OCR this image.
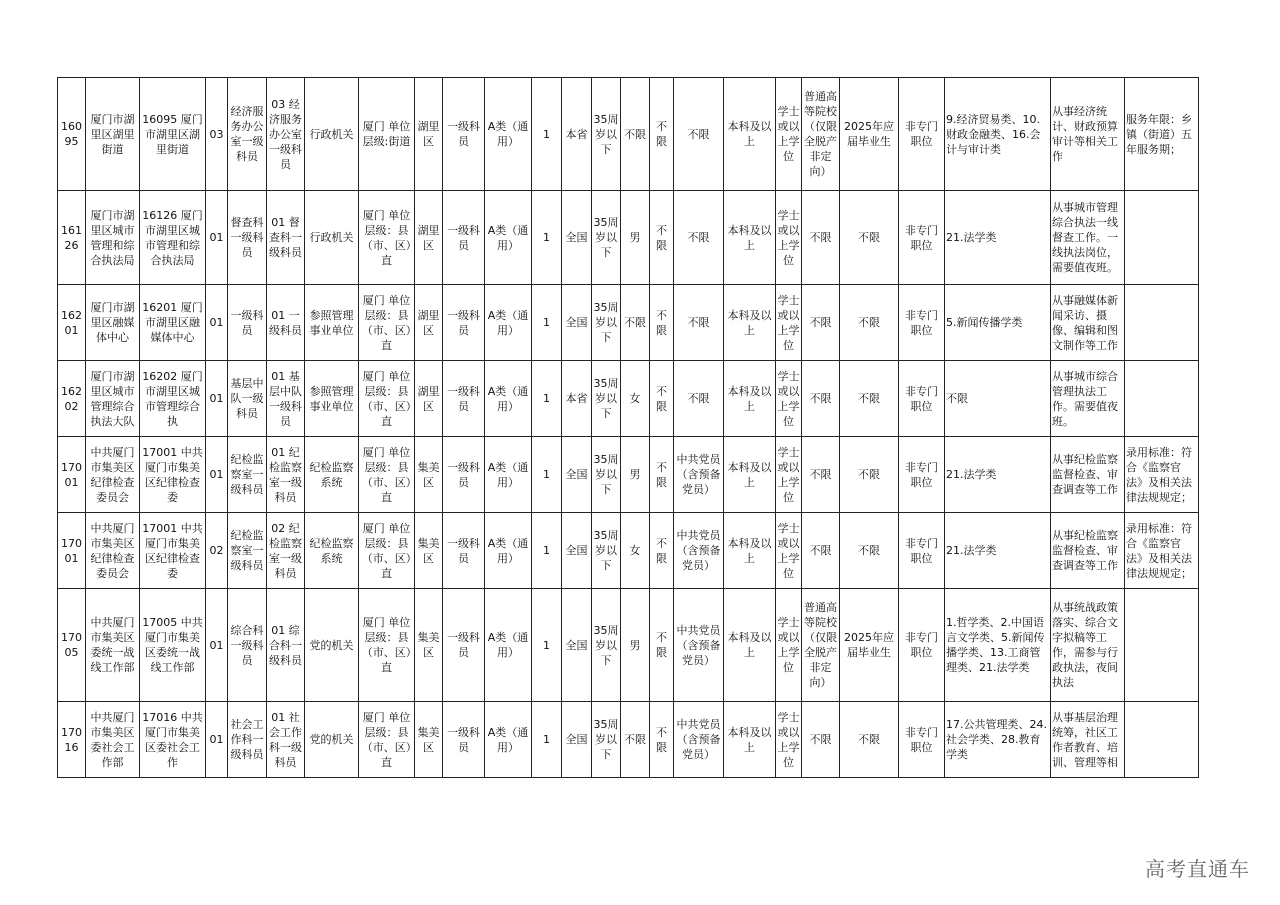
1609​5	厦门市湖里区湖里街道	16095 厦门市湖里区湖里街道	03	经济服务办公室一级科员	03 经济服务办公室一级科员	行政机关	厦门 单位层级:街道	湖里区	一级科员	A类（通用）	1	本省	35周岁以下	不限	不限	不限	本科及以上	学士或以上学位	普通高等院校（仅限全脱产非定向）	2025年应届毕业生	非专门职位	9.经济贸易类、10.财政金融类、16.会计与审计类	从事经济统计、财政预算审计等相关工作	服务年限：乡镇（街道）五年服务期；

1612​6	厦门市湖里区城市管理和综合执法局	16126 厦门市湖里区城市管理和综合执法局	01	督查科一级科员	01 督查科一级科员	行政机关	厦门 单位层级：县（市、区）直	湖里区	一级科员	A类（通用）	1	全国	35周岁以下	男	不限	不限	本科及以上	学士或以上学位	不限	不限	非专门职位	21.法学类	从事城市管理综合执法一线督查工作。一线执法岗位，需要值夜班。	

1620​1	厦门市湖里区融媒体中心	16201 厦门市湖里区融媒体中心	01	一级科员	01 一级科员	参照管理事业单位	厦门 单位层级：县（市、区）直	湖里区	一级科员	A类（通用）	1	全国	35周岁以下	不限	不限	不限	本科及以上	学士或以上学位	不限	不限	非专门职位	5.新闻传播学类	从事融媒体新闻采访、摄像、编辑和图文制作等工作	

1620​2	厦门市湖里区城市管理综合执法大队	16202 厦门市湖里区城市管理综合执	01	基层中队一级科员	01 基层中队一级科员	参照管理事业单位	厦门 单位层级：县（市、区）直	湖里区	一级科员	A类（通用）	1	本省	35周岁以下	女	不限	不限	本科及以上	学士或以上学位	不限	不限	非专门职位	不限	从事城市综合管理执法工作。需要值夜班。	

1700​1	中共厦门市集美区纪律检查委员会	17001 中共厦门市集美区纪律检查委	01	纪检监察室一级科员	01 纪检监察室一级科员	纪检监察系统	厦门 单位层级：县（市、区）直	集美区	一级科员	A类（通用）	1	全国	35周岁以下	男	不限	中共党员（含预备党员）	本科及以上	学士或以上学位	不限	不限	非专门职位	21.法学类	从事纪检监察监督检查、审查调查等工作	录用标准：符合《监察官法》及相关法律法规规定；

1700​1	中共厦门市集美区纪律检查委员会	17001 中共厦门市集美区纪律检查委	02	纪检监察室一级科员	02 纪检监察室一级科员	纪检监察系统	厦门 单位层级：县（市、区）直	集美区	一级科员	A类（通用）	1	全国	35周岁以下	女	不限	中共党员（含预备党员）	本科及以上	学士或以上学位	不限	不限	非专门职位	21.法学类	从事纪检监察监督检查、审查调查等工作	录用标准：符合《监察官法》及相关法律法规规定；

1700​5	中共厦门市集美区委统一战线工作部	17005 中共厦门市集美区委统一战线工作部	01	综合科一级科员	01 综合科一级科员	党的机关	厦门 单位层级：县（市、区）直	集美区	一级科员	A类（通用）	1	全国	35周岁以下	男	不限	中共党员（含预备党员）	本科及以上	学士或以上学位	普通高等院校（仅限全脱产非定向）	2025年应届毕业生	非专门职位	1.哲学类、2.中国语言文学类、5.新闻传播学类、13.工商管理类、21.法学类	从事统战政策落实、综合文字拟稿等工作，需参与行政执法，夜间执法	

1701​6	中共厦门市集美区委社会工作部	17016 中共厦门市集美区委社会工作	01	社会工作科一级科员	01 社会工作科一级科员	党的机关	厦门 单位层级：县（市、区）直	集美区	一级科员	A类（通用）	1	全国	35周岁以下	不限	不限	中共党员（含预备党员）	本科及以上	学士或以上学位	不限	不限	非专门职位	17.公共管理类、24.社会学类、28.教育学类	从事基层治理统筹，社区工作者教育、培训、管理等相	

高考直通车
